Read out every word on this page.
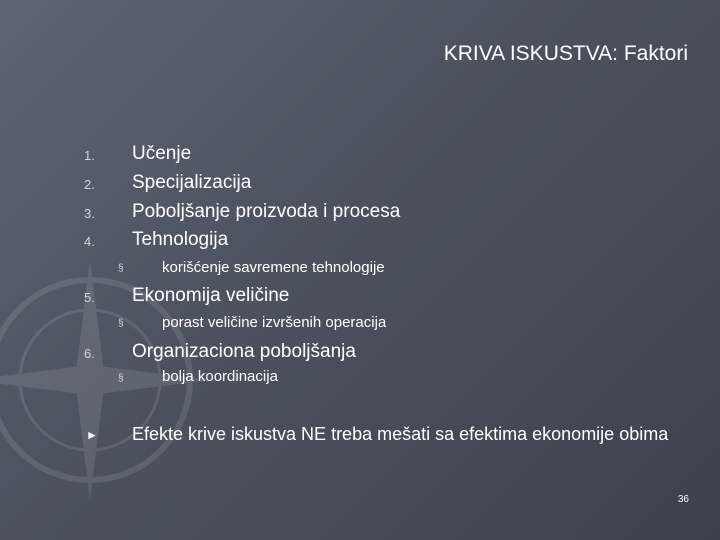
KRIVA ISKUSTVA: Faktori
1. Učenje
2. Specijalizacija
3. Poboljšanje proizvoda i procesa
4. Tehnologija
§	korišćenje savremene tehnologije
5. Ekonomija veličine
§	porast veličine izvršenih operacija
6. Organizaciona poboljšanja
§	bolja koordinacija
► Efekte krive iskustva NE treba mešati sa efektima ekonomije obima
36
